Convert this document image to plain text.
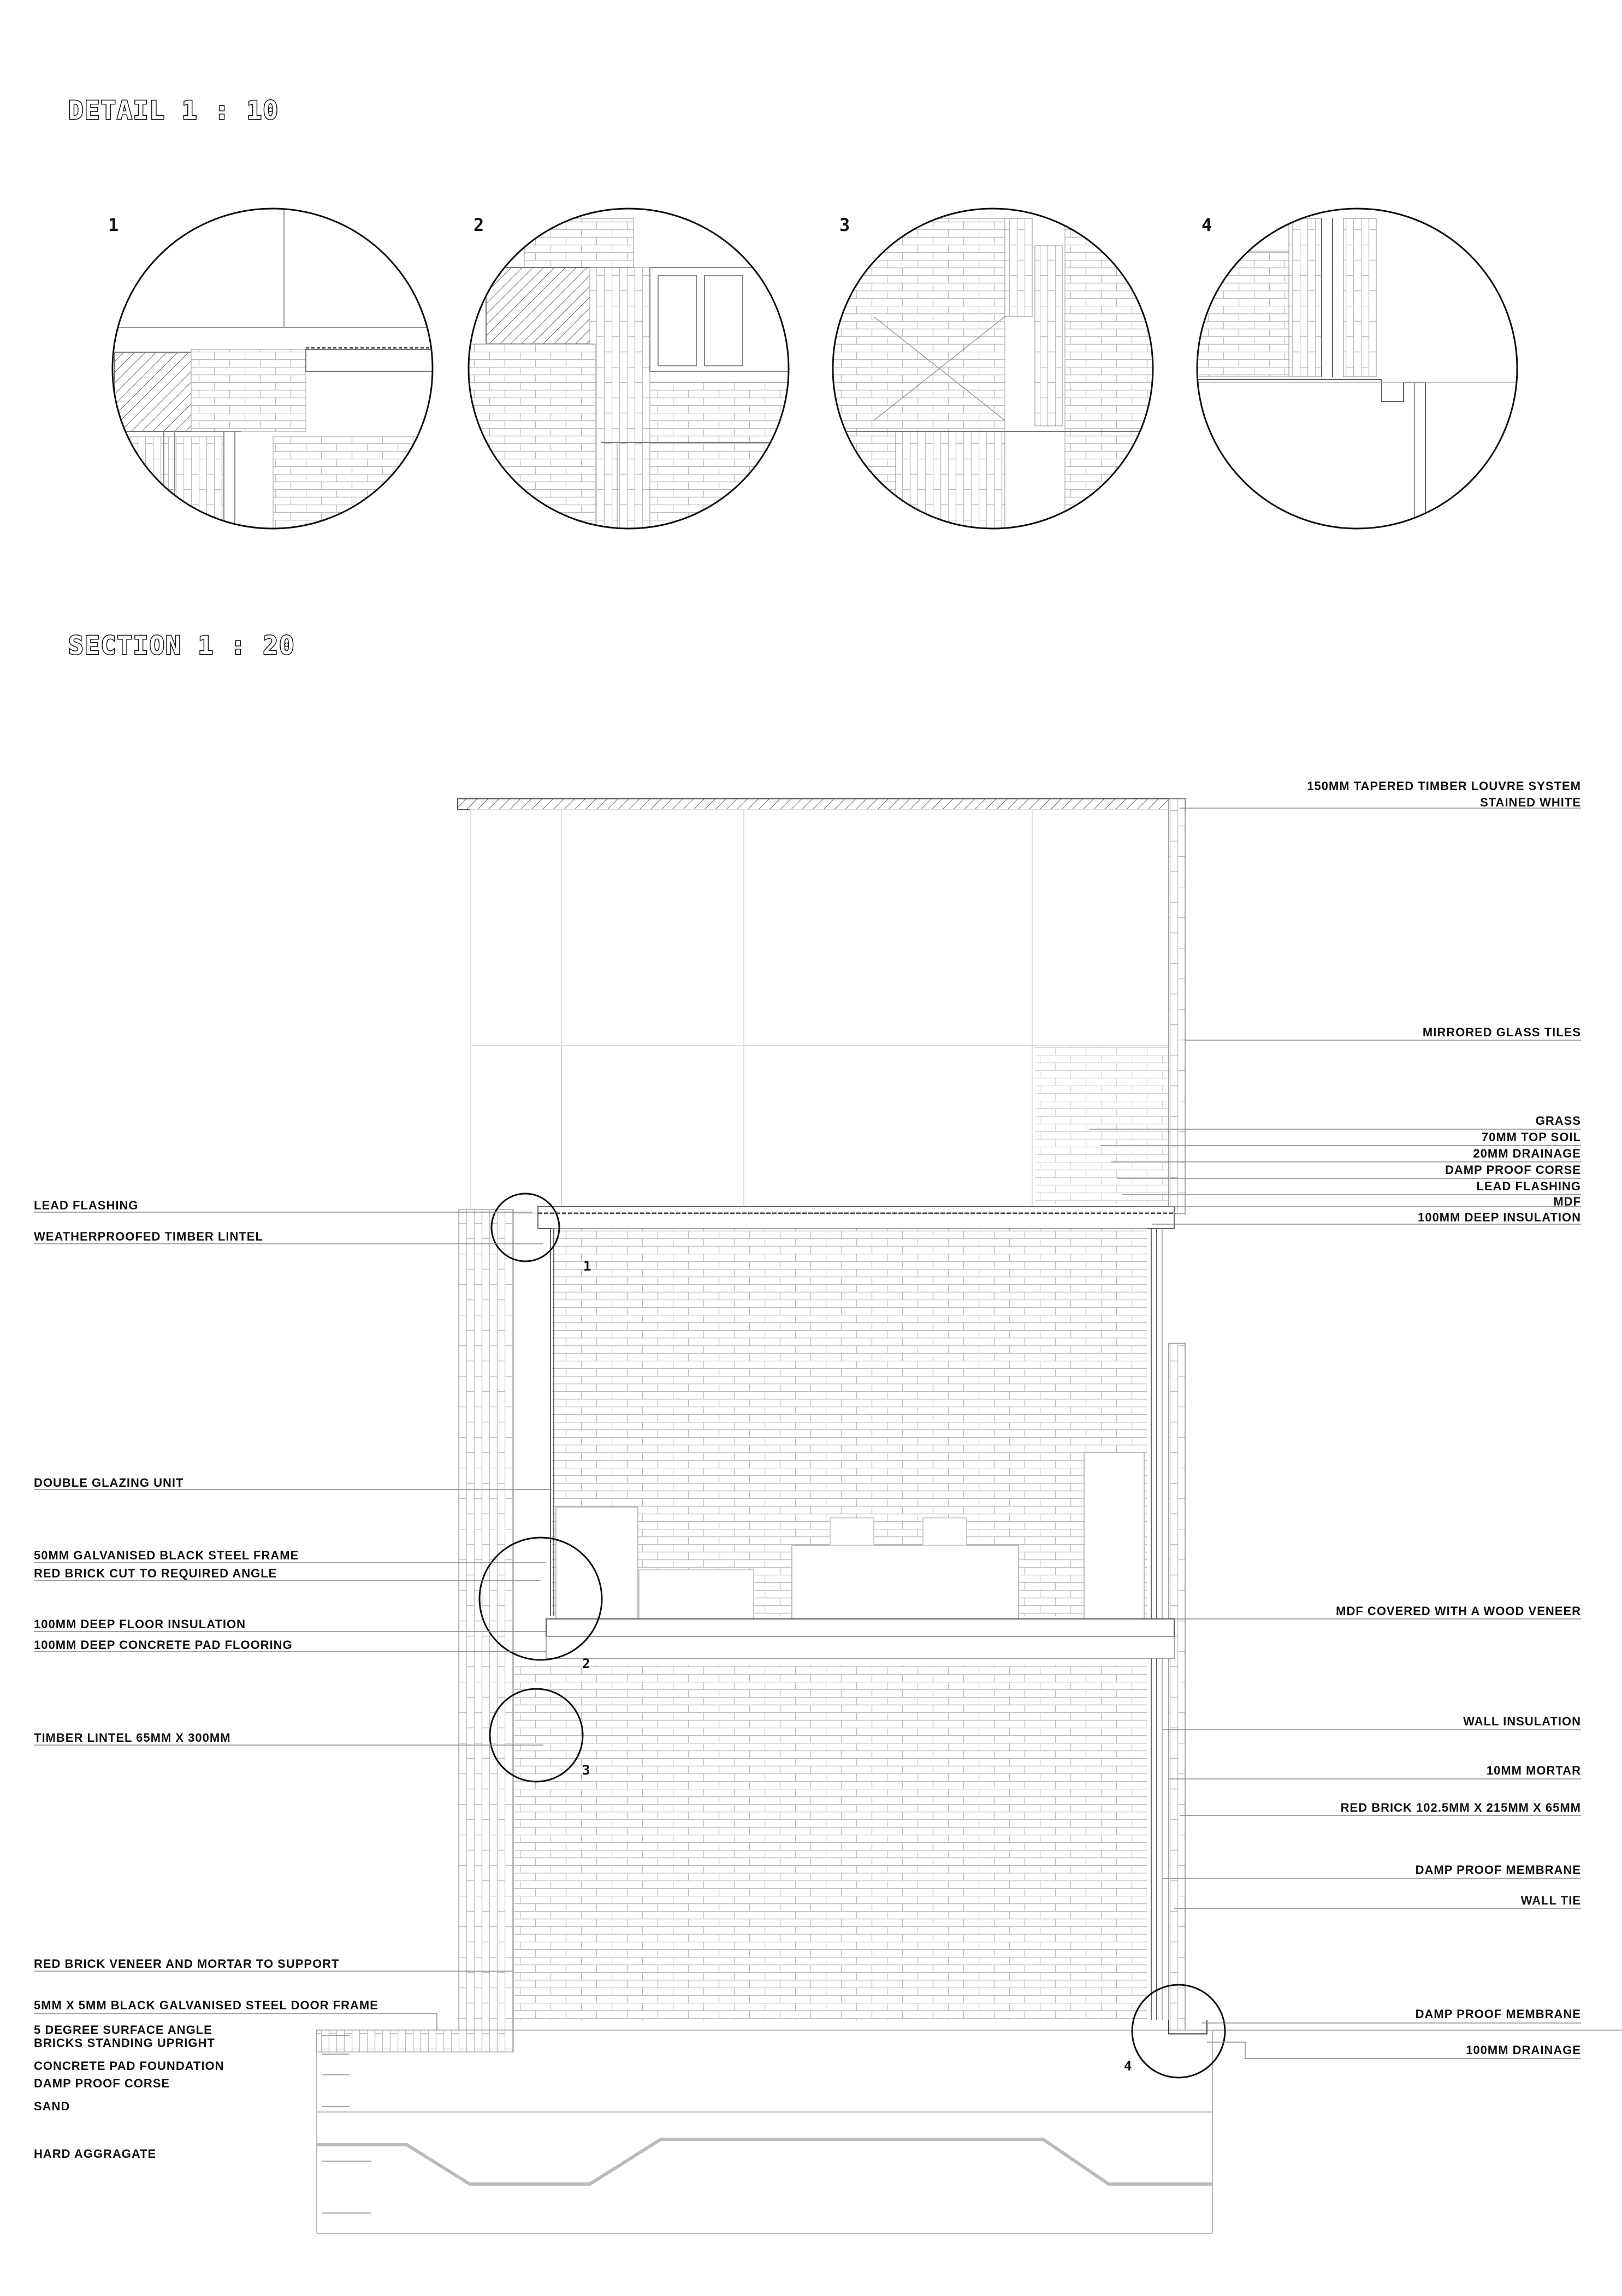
DETAIL 1 : 10
SECTION 1 : 20
1	2	3	4
1
2
3
4
150MM TAPERED TIMBER LOUVRE SYSTEM
STAINED WHITE
MIRRORED GLASS TILES
GRASS
70MM TOP SOIL
20MM DRAINAGE
DAMP PROOF CORSE
LEAD FLASHING
MDF
100MM DEEP INSULATION
MDF COVERED WITH A WOOD VENEER
WALL INSULATION
10MM MORTAR
RED BRICK 102.5MM X 215MM X 65MM
DAMP PROOF MEMBRANE
WALL TIE
DAMP PROOF MEMBRANE
100MM DRAINAGE
LEAD FLASHING
WEATHERPROOFED TIMBER LINTEL
DOUBLE GLAZING UNIT
50MM GALVANISED BLACK STEEL FRAME
RED BRICK CUT TO REQUIRED ANGLE
100MM DEEP FLOOR INSULATION
100MM DEEP CONCRETE PAD FLOORING
TIMBER LINTEL 65MM X 300MM
RED BRICK VENEER AND MORTAR TO SUPPORT
5MM X 5MM BLACK GALVANISED STEEL DOOR FRAME
5 DEGREE SURFACE ANGLE
BRICKS STANDING UPRIGHT
CONCRETE PAD FOUNDATION
DAMP PROOF CORSE
SAND
HARD AGGRAGATE
